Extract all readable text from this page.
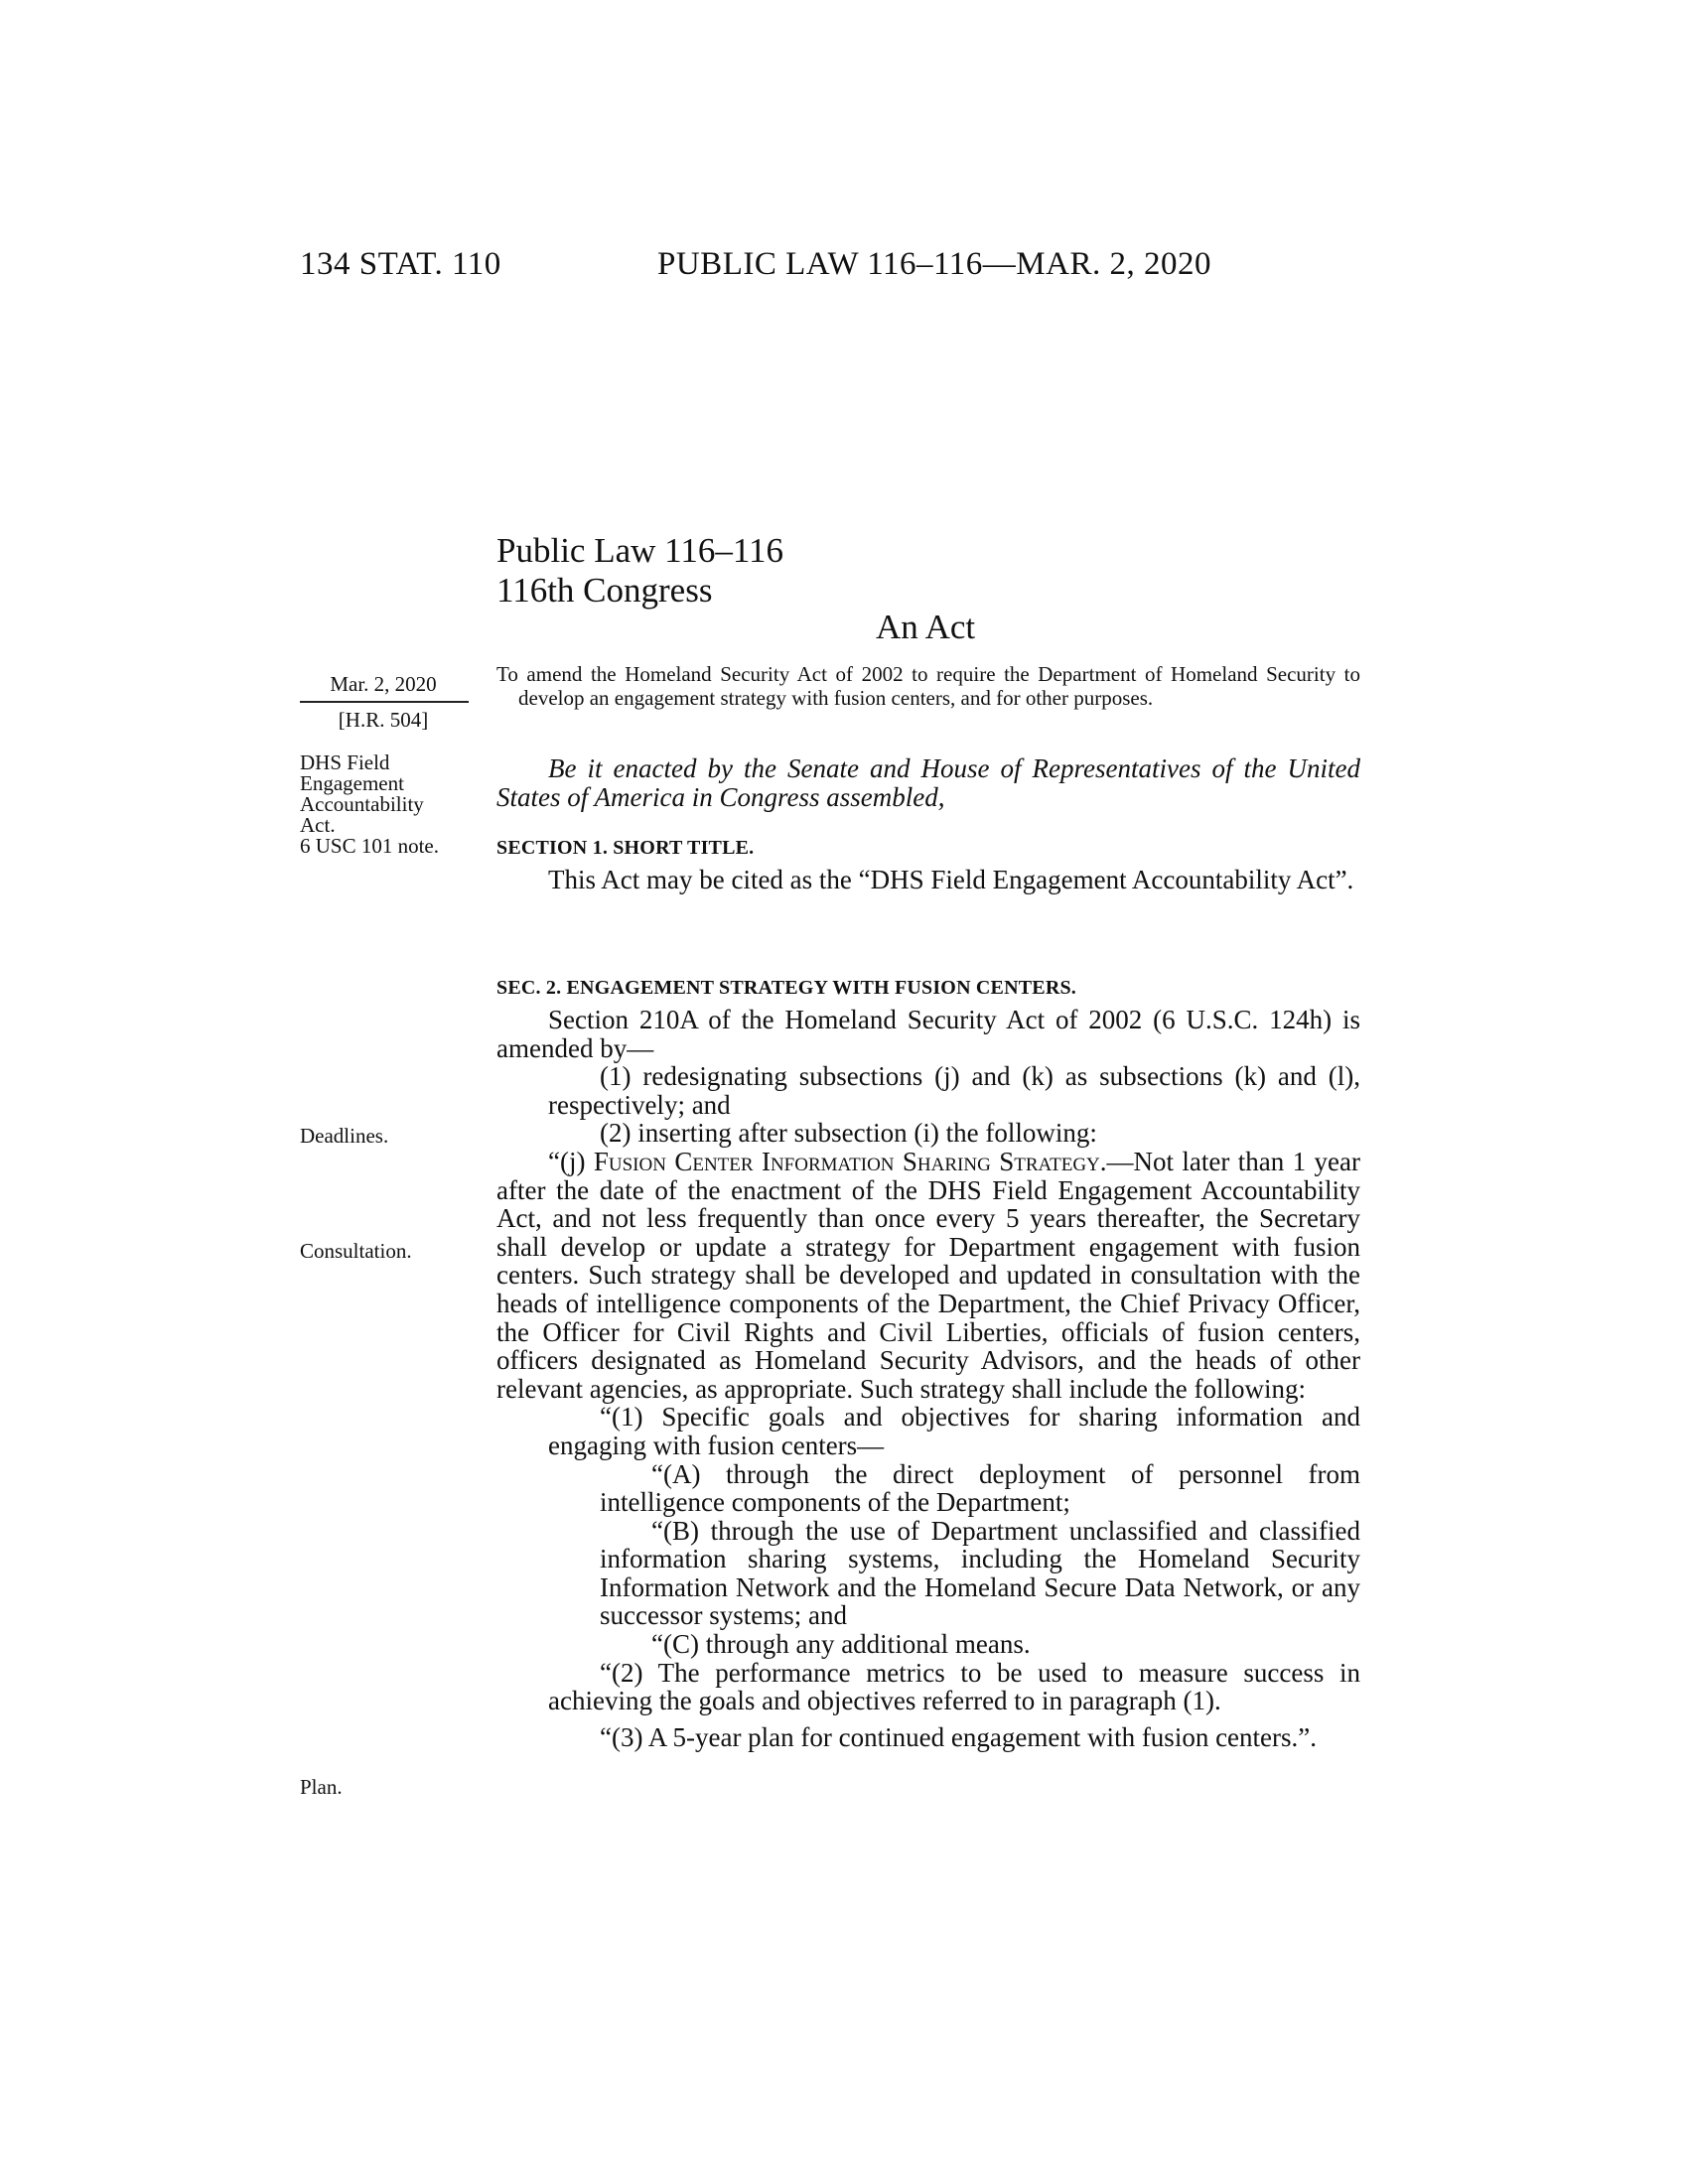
134 STAT. 110	PUBLIC LAW 116–116—MAR. 2, 2020
Public Law 116–116
116th Congress
An Act
Mar. 2, 2020
[H.R. 504]
To amend the Homeland Security Act of 2002 to require the Department of Homeland Security to develop an engagement strategy with fusion centers, and for other purposes.
DHS Field
Engagement
Accountability
Act.
6 USC 101 note.
Deadlines.
Consultation.
Plan.
Be it enacted by the Senate and House of Representatives of the United States of America in Congress assembled,
SECTION 1. SHORT TITLE.
This Act may be cited as the “DHS Field Engagement Accountability Act”.
SEC. 2. ENGAGEMENT STRATEGY WITH FUSION CENTERS.
Section 210A of the Homeland Security Act of 2002 (6 U.S.C. 124h) is amended by—
(1) redesignating subsections (j) and (k) as subsections (k) and (l), respectively; and
(2) inserting after subsection (i) the following:
“(j) Fusion Center Information Sharing Strategy.—Not later than 1 year after the date of the enactment of the DHS Field Engagement Accountability Act, and not less frequently than once every 5 years thereafter, the Secretary shall develop or update a strategy for Department engagement with fusion centers. Such strategy shall be developed and updated in consultation with the heads of intelligence components of the Department, the Chief Privacy Officer, the Officer for Civil Rights and Civil Liberties, officials of fusion centers, officers designated as Homeland Security Advisors, and the heads of other relevant agencies, as appropriate. Such strategy shall include the following:
“(1) Specific goals and objectives for sharing information and engaging with fusion centers—
“(A) through the direct deployment of personnel from intelligence components of the Department;
“(B) through the use of Department unclassified and classified information sharing systems, including the Homeland Security Information Network and the Homeland Secure Data Network, or any successor systems; and
“(C) through any additional means.
“(2) The performance metrics to be used to measure success in achieving the goals and objectives referred to in paragraph (1).
“(3) A 5-year plan for continued engagement with fusion centers.”.
